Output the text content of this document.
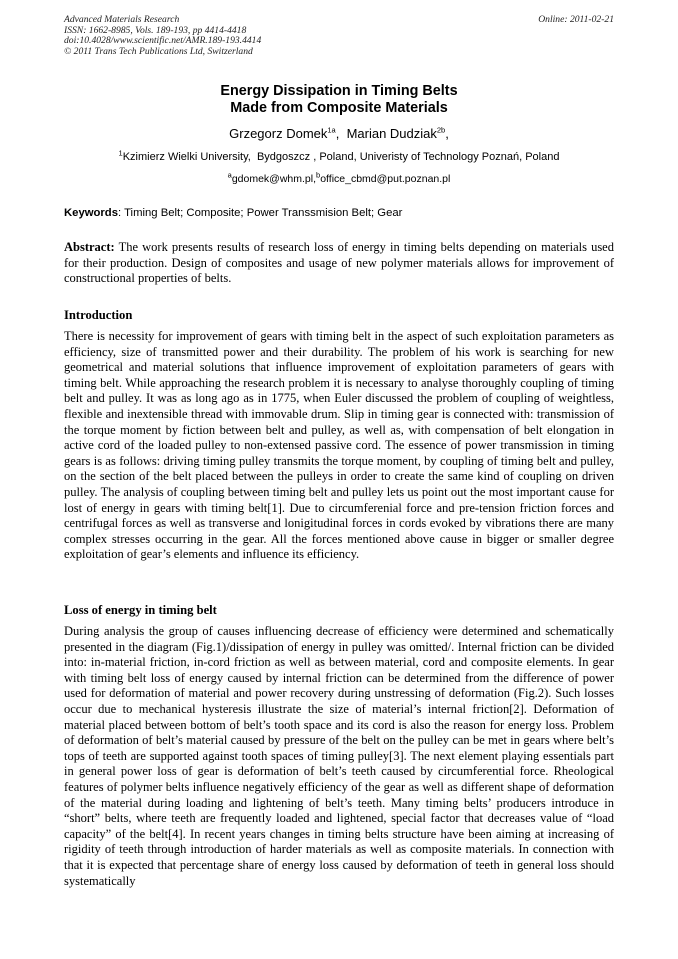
Advanced Materials Research
ISSN: 1662-8985, Vols. 189-193, pp 4414-4418
doi:10.4028/www.scientific.net/AMR.189-193.4414
© 2011 Trans Tech Publications Ltd, Switzerland
Online: 2011-02-21
Energy Dissipation in Timing Belts
Made from Composite Materials
Grzegorz Domek$^{1a}$,  Marian Dudziak$^{2b}$,
$^1$Kzimierz Wielki University,  Bydgoszcz , Poland, Univeristy of Technology Poznań, Poland
$^a$gdomek@whm.pl,$^b$office_cbmd@put.poznan.pl
Keywords: Timing Belt; Composite; Power Transsmision Belt; Gear

Abstract: The work presents results of research loss of energy in timing belts depending on materials used for their production. Design of composites and usage of new polymer materials allows for improvement of constructional properties of belts.

Introduction

There is necessity for improvement of gears with timing belt in the aspect of such exploitation parameters as efficiency, size of transmitted power and their durability. The problem of his work is searching for new geometrical and material solutions that influence improvement of exploitation parameters of gears with timing belt. While approaching the research problem it is necessary to analyse thoroughly coupling of timing belt and pulley. It was as long ago as in 1775, when Euler discussed the problem of coupling of weightless, flexible and inextensible thread with immovable drum. Slip in timing gear is connected with: transmission of the torque moment by fiction between belt and pulley, as well as, with compensation of belt elongation in active cord of the loaded pulley to non-extensed passive cord. The essence of power transmission in timing gears is as follows: driving timing pulley transmits the torque moment, by coupling of timing belt and pulley, on the section of the belt placed between the pulleys in order to create the same kind of coupling on driven pulley. The analysis of coupling between timing belt and pulley lets us point out the most important cause for lost of energy in gears with timing belt[1]. Due to circumferenial force and pre-tension friction forces and centrifugal forces as well as transverse and lonigitudinal forces in cords evoked by vibrations there are many complex stresses occurring in the gear. All the forces mentioned above cause in bigger or smaller degree exploitation of gear’s elements and influence its efficiency.

Loss of energy in timing belt

During analysis the group of causes influencing decrease of efficiency were determined and schematically presented in the diagram (Fig.1)/dissipation of energy in pulley was omitted/. Internal friction can be divided into: in-material friction, in-cord friction as well as between material, cord and composite elements. In gear with timing belt loss of energy caused by internal friction can be determined from the difference of power used for deformation of material and power recovery during unstressing of deformation (Fig.2). Such losses occur due to mechanical hysteresis illustrate the size of material’s internal friction[2]. Deformation of material placed between bottom of belt’s tooth space and its cord is also the reason for energy loss. Problem of deformation of belt’s material caused by pressure of the belt on the pulley can be met in gears where belt’s tops of teeth are supported against tooth spaces of timing pulley[3]. The next element playing essentials part in general power loss of gear is deformation of belt’s teeth caused by circumferential force. Rheological features of polymer belts influence negatively efficiency of the gear as well as different shape of deformation of the material during loading and lightening of belt’s teeth. Many timing belts’ producers introduce in “short” belts, where teeth are frequently loaded and lightened, special factor that decreases value of “load capacity” of the belt[4]. In recent years changes in timing belts structure have been aiming at increasing of rigidity of teeth through introduction of harder materials as well as composite materials. In connection with that it is expected that percentage share of energy loss caused by deformation of teeth in general loss should systematically
